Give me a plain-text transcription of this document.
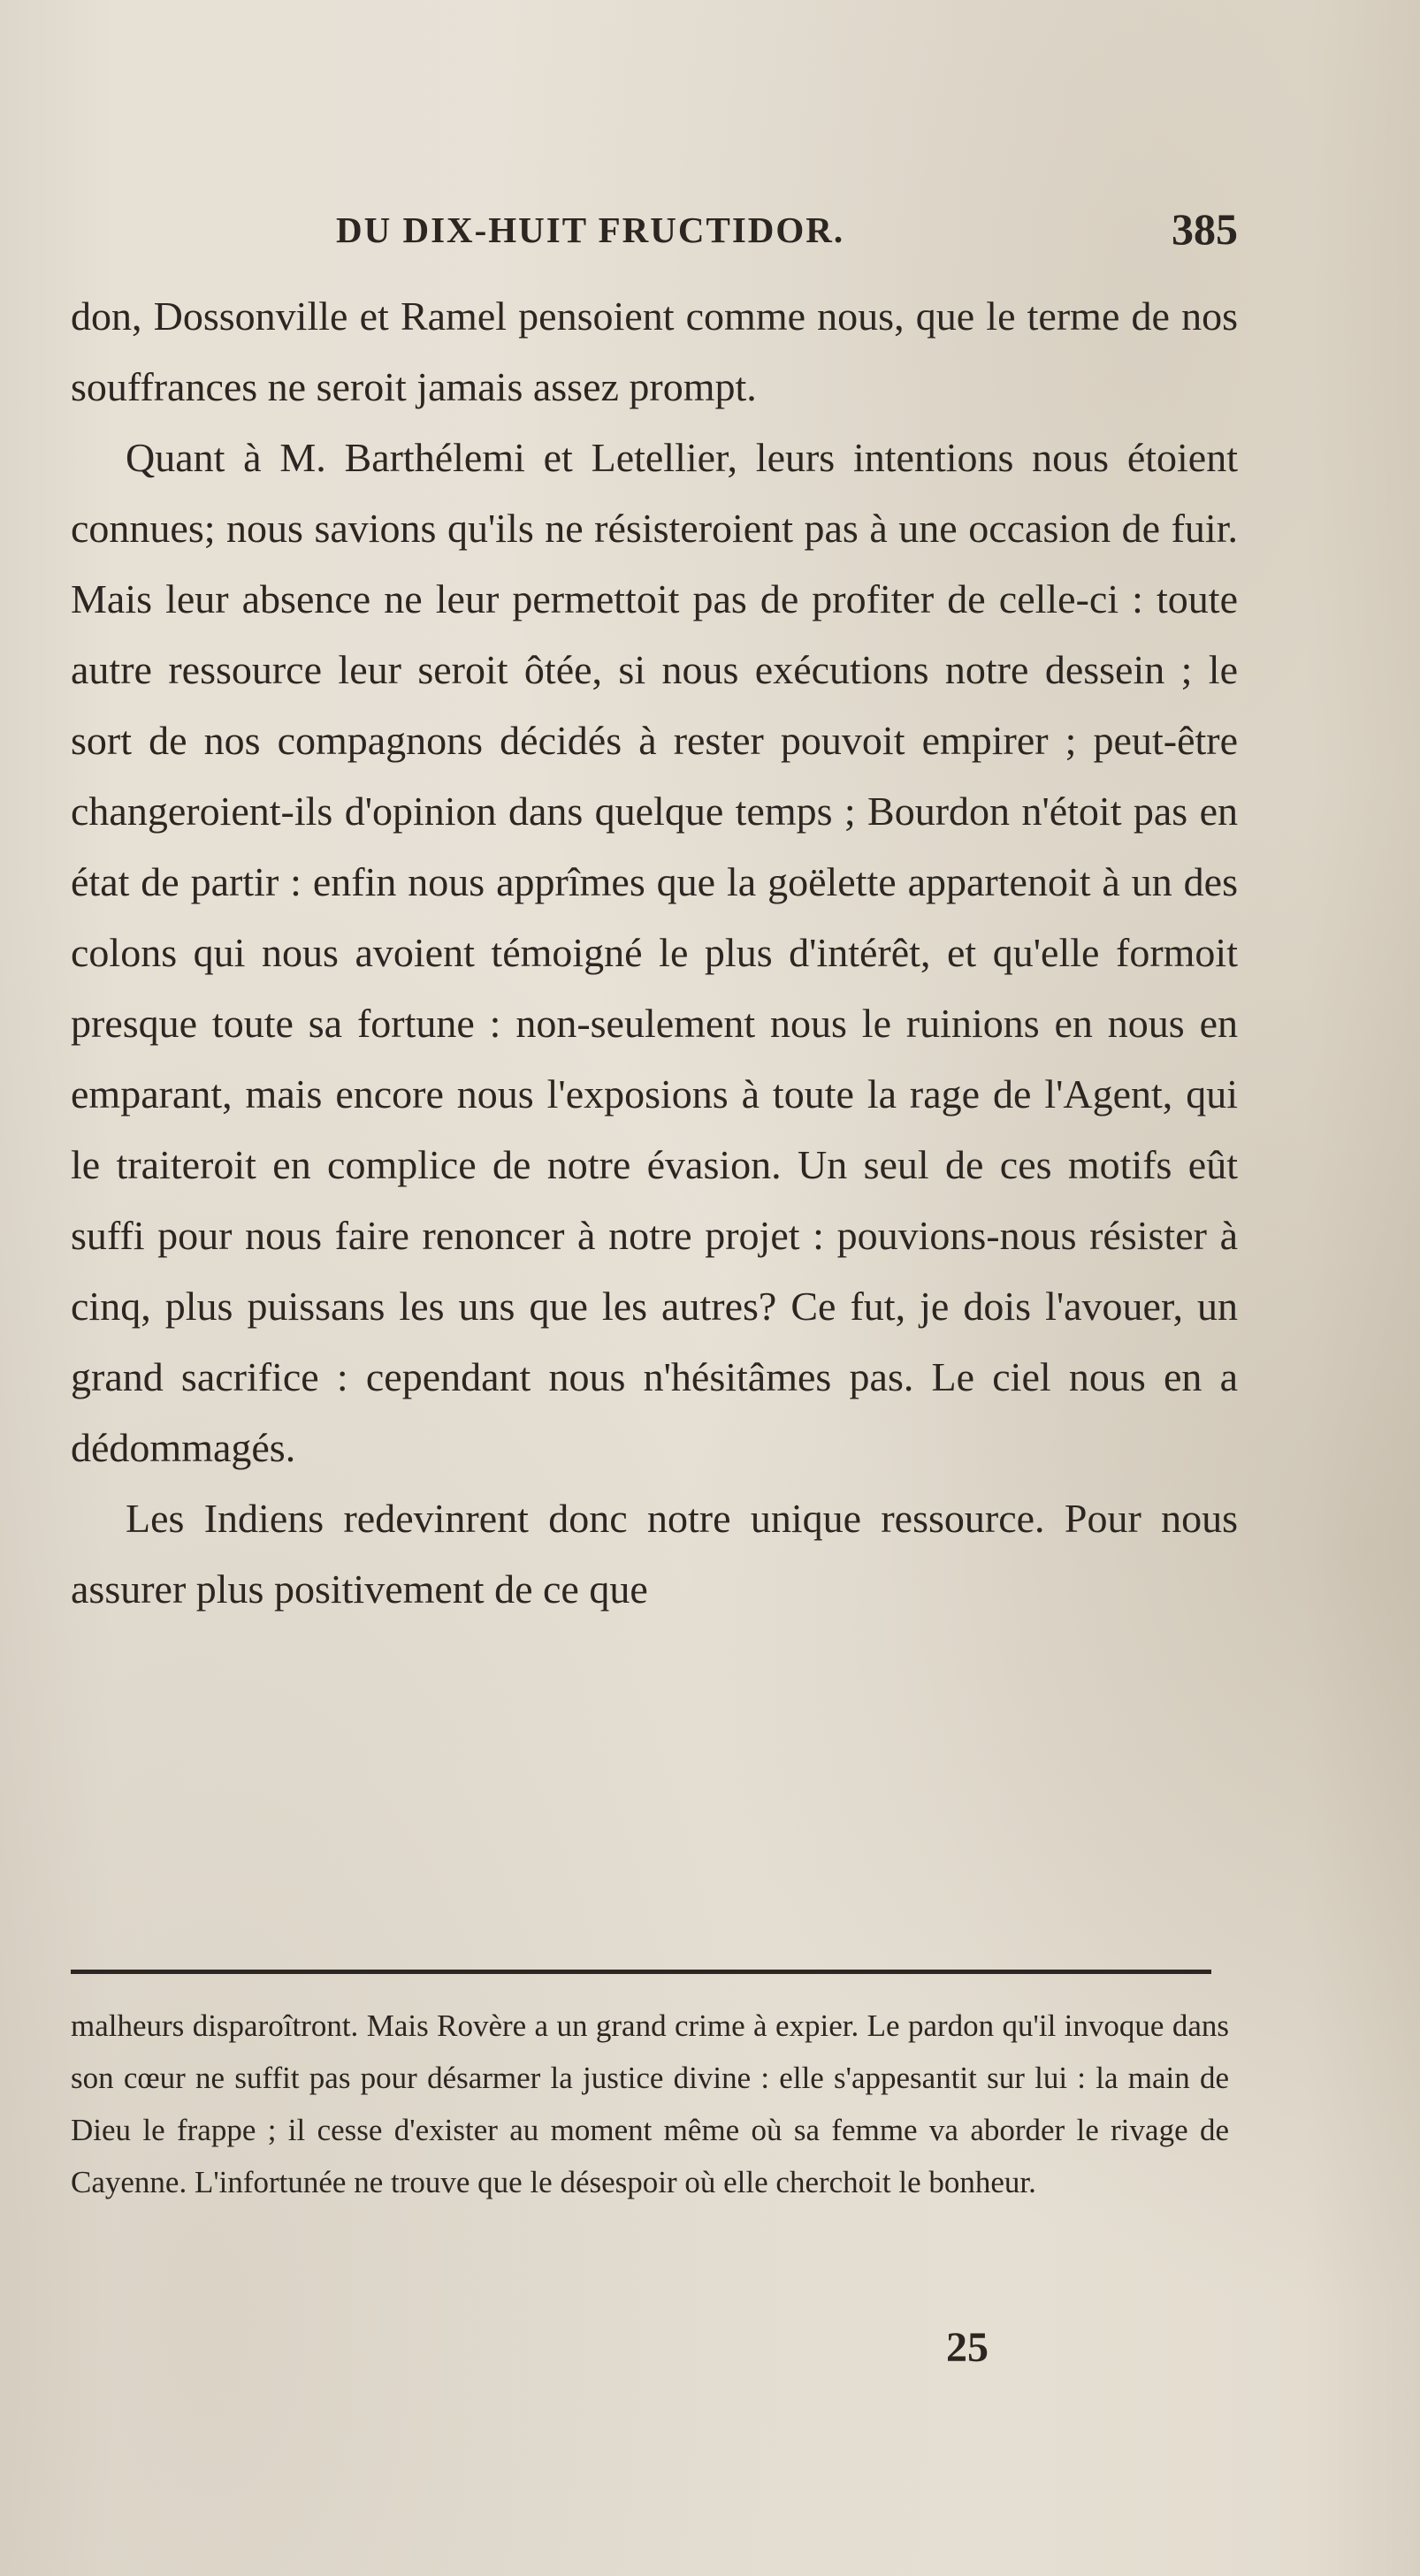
DU DIX-HUIT FRUCTIDOR.	385

don, Dossonville et Ramel pensoient comme nous, que le terme de nos souffrances ne seroit jamais assez prompt.

Quant à M. Barthélemi et Letellier, leurs intentions nous étoient connues; nous savions qu'ils ne résisteroient pas à une occasion de fuir. Mais leur absence ne leur permettoit pas de profiter de celle-ci : toute autre ressource leur seroit ôtée, si nous exécutions notre dessein ; le sort de nos compagnons décidés à rester pouvoit empirer ; peut-être changeroient-ils d'opinion dans quelque temps ; Bourdon n'étoit pas en état de partir : enfin nous apprîmes que la goëlette appartenoit à un des colons qui nous avoient témoigné le plus d'intérêt, et qu'elle formoit presque toute sa fortune : non-seulement nous le ruinions en nous en emparant, mais encore nous l'exposions à toute la rage de l'Agent, qui le traiteroit en complice de notre évasion. Un seul de ces motifs eût suffi pour nous faire renoncer à notre projet : pouvions-nous résister à cinq, plus puissans les uns que les autres? Ce fut, je dois l'avouer, un grand sacrifice : cependant nous n'hésitâmes pas. Le ciel nous en a dédommagés.

Les Indiens redevinrent donc notre unique ressource. Pour nous assurer plus positivement de ce que

malheurs disparoîtront. Mais Rovère a un grand crime à expier. Le pardon qu'il invoque dans son cœur ne suffit pas pour désarmer la justice divine : elle s'appesantit sur lui : la main de Dieu le frappe ; il cesse d'exister au moment même où sa femme va aborder le rivage de Cayenne. L'infortunée ne trouve que le désespoir où elle cherchoit le bonheur.

25
